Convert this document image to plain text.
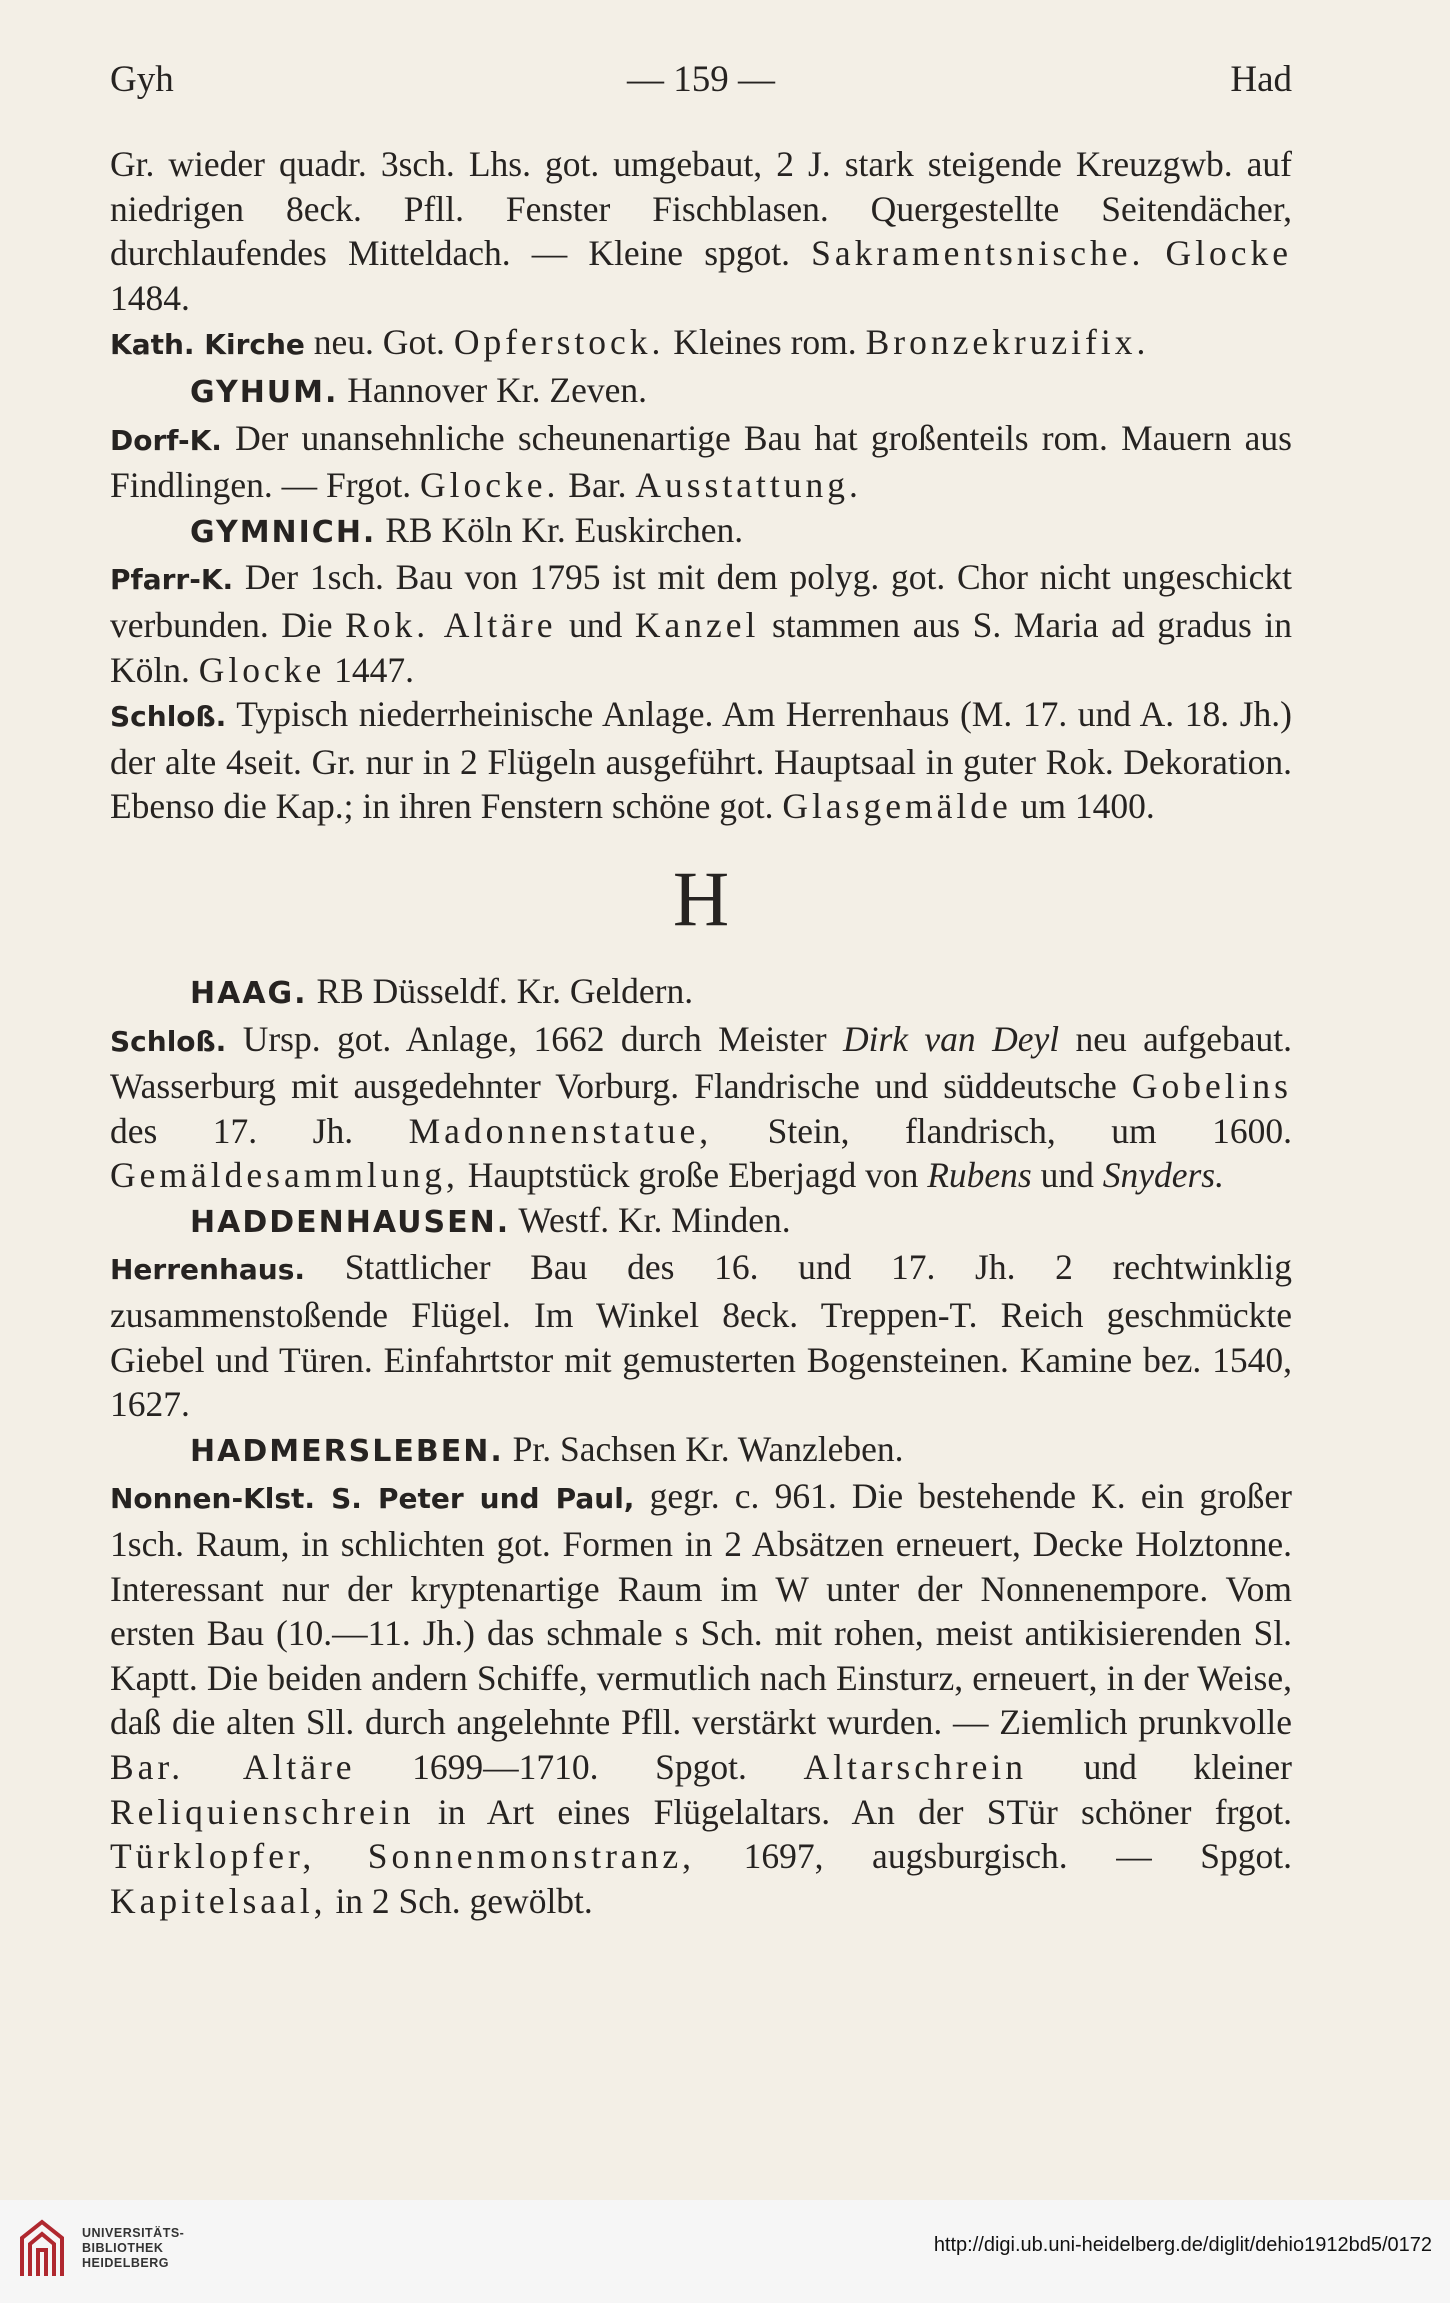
Gyh	— 159 —	Had

Gr. wieder quadr. 3sch. Lhs. got. umgebaut, 2 J. stark steigende Kreuzgwb. auf niedrigen 8eck. Pfll. Fenster Fischblasen. Quergestellte Seitendächer, durchlaufendes Mitteldach. — Kleine spgot. Sakramentsnische. Glocke 1484.

Kath. Kirche neu. Got. Opferstock. Kleines rom. Bronzekruzifix.

GYHUM. Hannover Kr. Zeven.

Dorf-K. Der unansehnliche scheunenartige Bau hat großenteils rom. Mauern aus Findlingen. — Frgot. Glocke. Bar. Ausstattung.

GYMNICH. RB Köln Kr. Euskirchen.

Pfarr-K. Der 1sch. Bau von 1795 ist mit dem polyg. got. Chor nicht ungeschickt verbunden. Die Rok. Altäre und Kanzel stammen aus S. Maria ad gradus in Köln. Glocke 1447.

Schloß. Typisch niederrheinische Anlage. Am Herrenhaus (M. 17. und A. 18. Jh.) der alte 4seit. Gr. nur in 2 Flügeln ausgeführt. Hauptsaal in guter Rok. Dekoration. Ebenso die Kap.; in ihren Fenstern schöne got. Glasgemälde um 1400.

H

HAAG. RB Düsseldf. Kr. Geldern.

Schloß. Ursp. got. Anlage, 1662 durch Meister Dirk van Deyl neu aufgebaut. Wasserburg mit ausgedehnter Vorburg. Flandrische und süddeutsche Gobelins des 17. Jh. Madonnenstatue, Stein, flandrisch, um 1600. Gemäldesammlung, Hauptstück große Eberjagd von Rubens und Snyders.

HADDENHAUSEN. Westf. Kr. Minden.

Herrenhaus. Stattlicher Bau des 16. und 17. Jh. 2 rechtwinklig zusammenstoßende Flügel. Im Winkel 8eck. Treppen-T. Reich geschmückte Giebel und Türen. Einfahrtstor mit gemusterten Bogensteinen. Kamine bez. 1540, 1627.

HADMERSLEBEN. Pr. Sachsen Kr. Wanzleben.

Nonnen-Klst. S. Peter und Paul, gegr. c. 961. Die bestehende K. ein großer 1sch. Raum, in schlichten got. Formen in 2 Absätzen erneuert, Decke Holztonne. Interessant nur der kryptenartige Raum im W unter der Nonnenempore. Vom ersten Bau (10.—11. Jh.) das schmale s Sch. mit rohen, meist antikisierenden Sl. Kaptt. Die beiden andern Schiffe, vermutlich nach Einsturz, erneuert, in der Weise, daß die alten Sll. durch angelehnte Pfll. verstärkt wurden. — Ziemlich prunkvolle Bar. Altäre 1699—1710. Spgot. Altarschrein und kleiner Reliquienschrein in Art eines Flügelaltars. An der STür schöner frgot. Türklopfer, Sonnenmonstranz, 1697, augsburgisch. — Spgot. Kapitelsaal, in 2 Sch. gewölbt.

UNIVERSITÄTS-
BIBLIOTHEK
HEIDELBERG
http://digi.ub.uni-heidelberg.de/diglit/dehio1912bd5/0172
